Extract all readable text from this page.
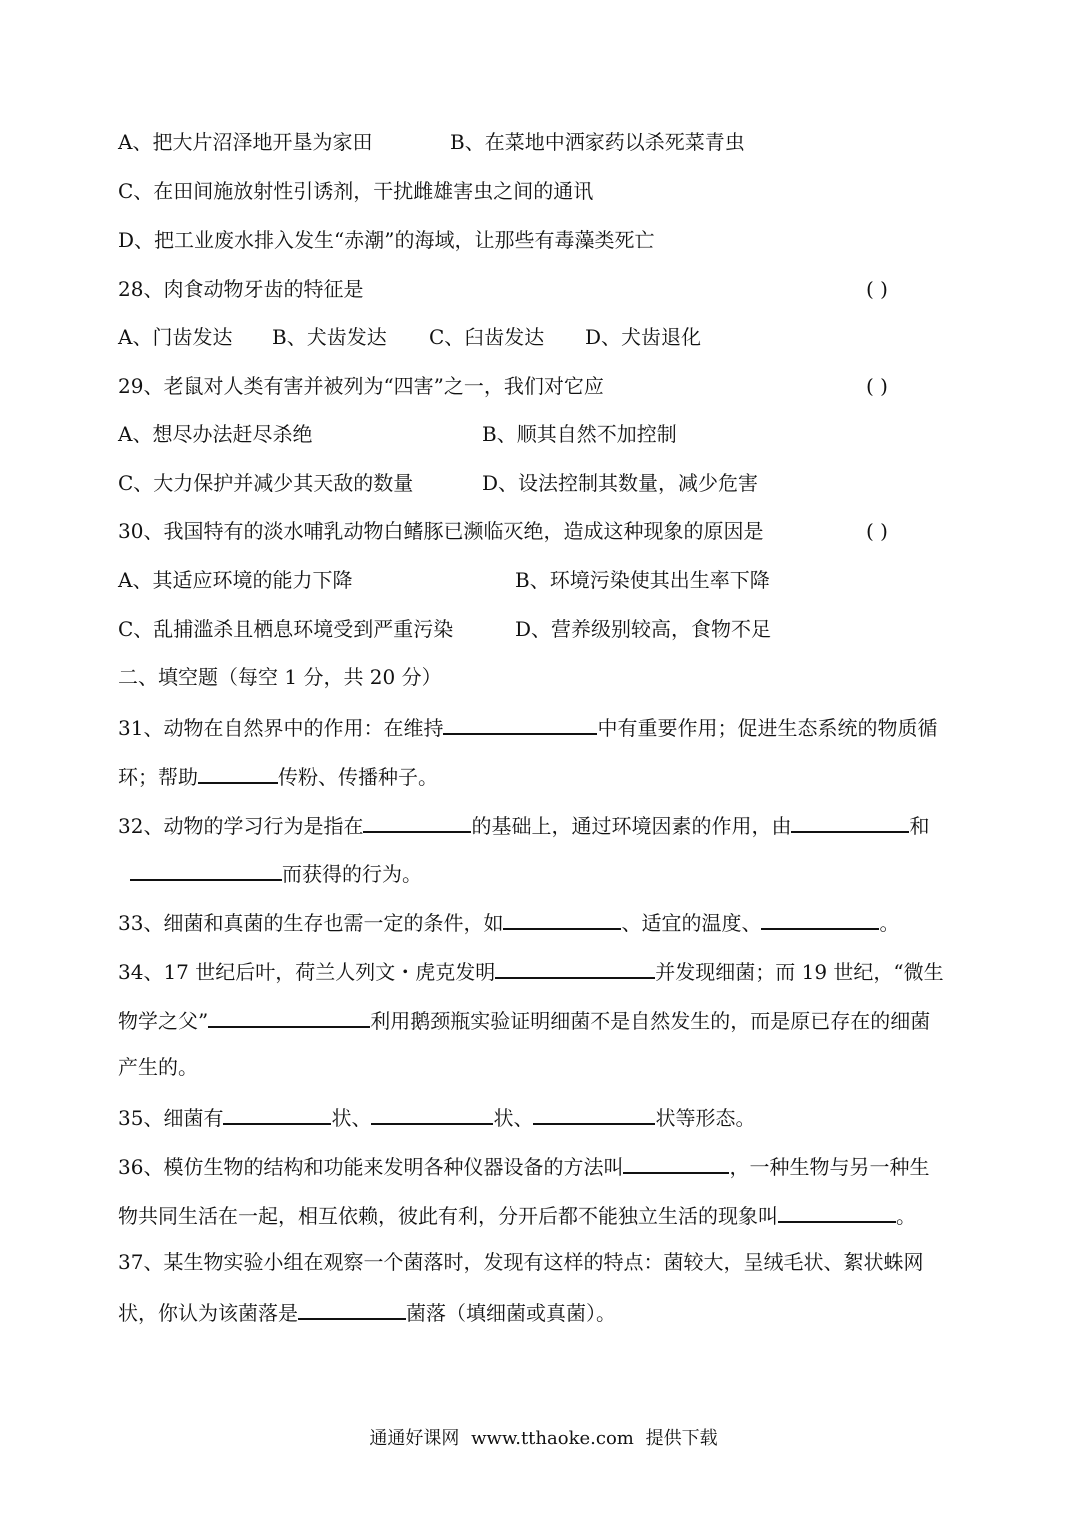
A、把大片沼泽地开垦为家田	B、在菜地中洒家药以杀死菜青虫
C、在田间施放射性引诱剂，干扰雌雄害虫之间的通讯
D、把工业废水排入发生“赤潮”的海域，让那些有毒藻类死亡
28、肉食动物牙齿的特征是	( )
A、门齿发达 B、犬齿发达 C、臼齿发达 D、犬齿退化
29、老鼠对人类有害并被列为“四害”之一，我们对它应	( )
A、想尽办法赶尽杀绝	B、顺其自然不加控制
C、大力保护并减少其天敌的数量	D、设法控制其数量，减少危害
30、我国特有的淡水哺乳动物白鳍豚已濒临灭绝，造成这种现象的原因是	( )
A、其适应环境的能力下降	B、环境污染使其出生率下降
C、乱捕滥杀且栖息环境受到严重污染	D、营养级别较高，食物不足
二、填空题（每空 1 分，共 20 分）
31、动物在自然界中的作用：在维持	中有重要作用；促进生态系统的物质循
环；帮助	传粉、传播种子。
32、动物的学习行为是指在	的基础上，通过环境因素的作用，由	和
而获得的行为。
33、细菌和真菌的生存也需一定的条件，如	、适宜的温度、	。
34、17 世纪后叶，荷兰人列文・虎克发明	并发现细菌；而 19 世纪，“微生
物学之父”	利用鹅颈瓶实验证明细菌不是自然发生的，而是原已存在的细菌
产生的。
35、细菌有	状、	状、	状等形态。
36、模仿生物的结构和功能来发明各种仪器设备的方法叫	，一种生物与另一种生
物共同生活在一起，相互依赖，彼此有利，分开后都不能独立生活的现象叫	。
37、某生物实验小组在观察一个菌落时，发现有这样的特点：菌较大，呈绒毛状、絮状蛛网
状，你认为该菌落是	菌落（填细菌或真菌）。
通通好课网 www.tthaoke.com 提供下载
